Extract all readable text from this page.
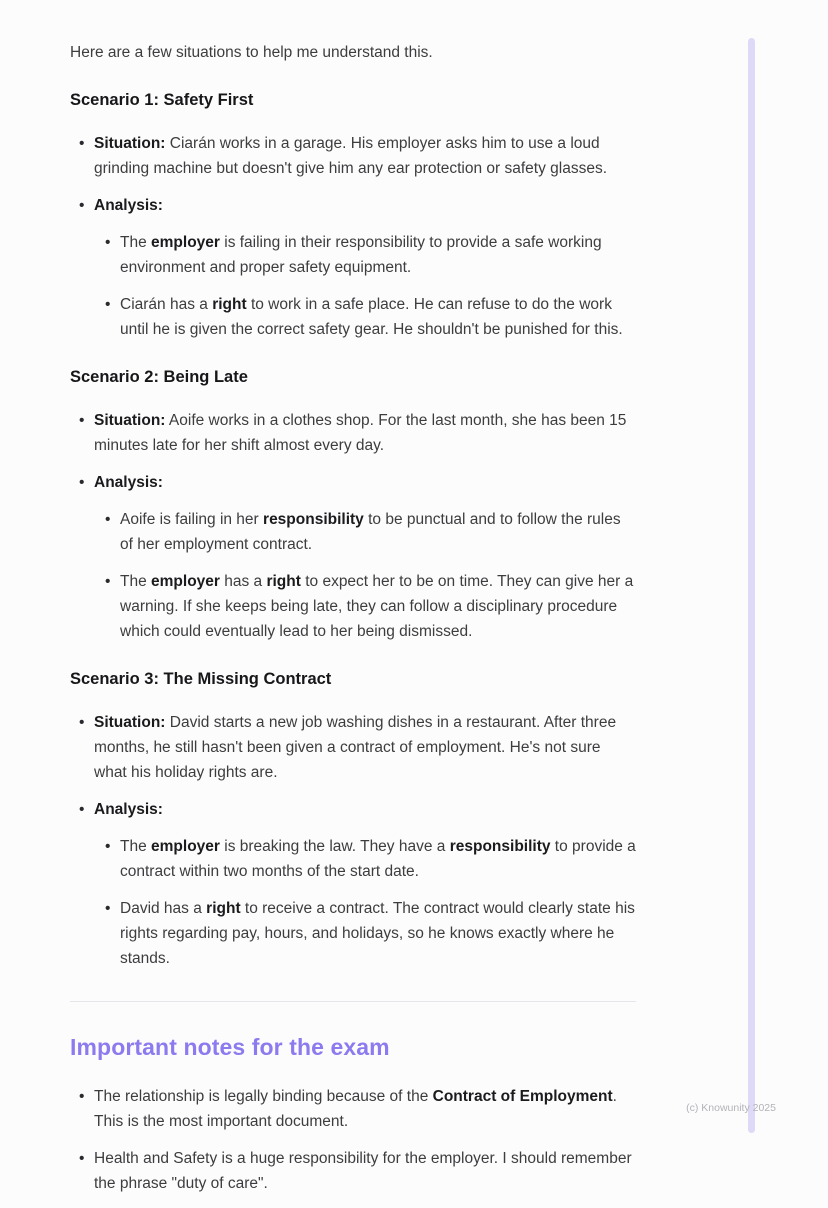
Here are a few situations to help me understand this.

Scenario 1: Safety First
• Situation: Ciarán works in a garage. His employer asks him to use a loud grinding machine but doesn't give him any ear protection or safety glasses.
• Analysis:
• The employer is failing in their responsibility to provide a safe working environment and proper safety equipment.
• Ciarán has a right to work in a safe place. He can refuse to do the work until he is given the correct safety gear. He shouldn't be punished for this.
Scenario 2: Being Late
• Situation: Aoife works in a clothes shop. For the last month, she has been 15 minutes late for her shift almost every day.
• Analysis:
• Aoife is failing in her responsibility to be punctual and to follow the rules of her employment contract.
• The employer has a right to expect her to be on time. They can give her a warning. If she keeps being late, they can follow a disciplinary procedure which could eventually lead to her being dismissed.
Scenario 3: The Missing Contract
• Situation: David starts a new job washing dishes in a restaurant. After three months, he still hasn't been given a contract of employment. He's not sure what his holiday rights are.
• Analysis:
• The employer is breaking the law. They have a responsibility to provide a contract within two months of the start date.
• David has a right to receive a contract. The contract would clearly state his rights regarding pay, hours, and holidays, so he knows exactly where he stands.
Important notes for the exam
• The relationship is legally binding because of the Contract of Employment. This is the most important document.
• Health and Safety is a huge responsibility for the employer. I should remember the phrase "duty of care".
(c) Knowunity 2025
